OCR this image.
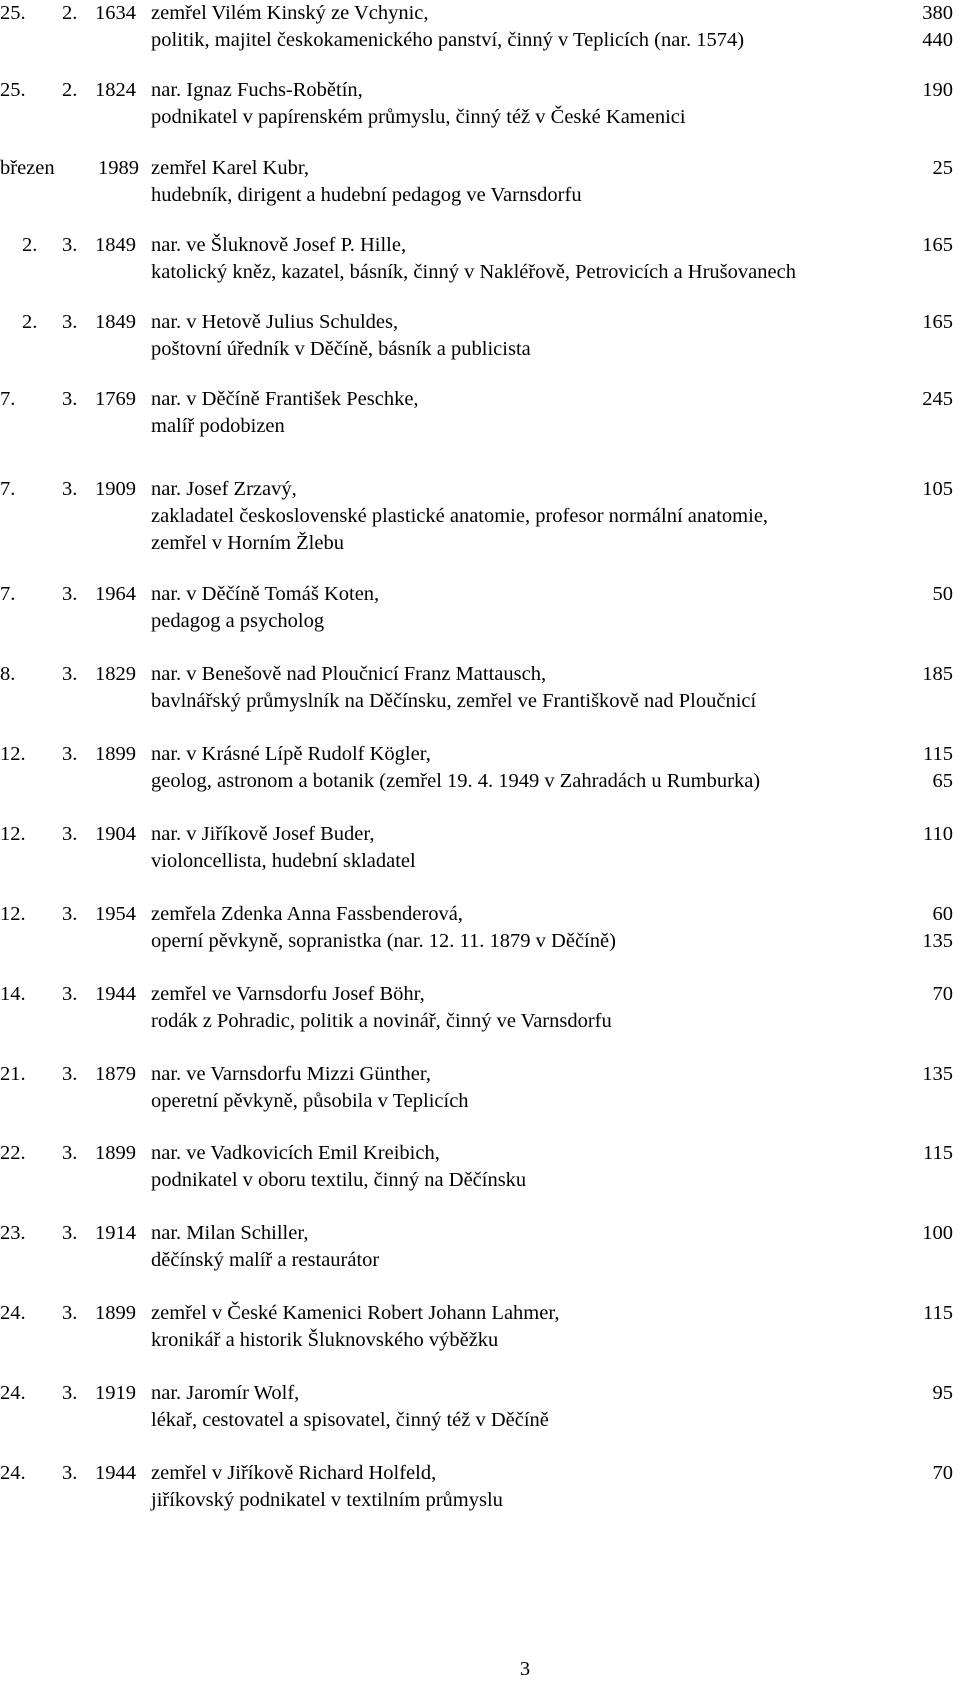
25. 2. 1634 zemřel Vilém Kinský ze Vchynic,	380
politik, majitel českokamenického panství, činný v Teplicích (nar. 1574)	440
25. 2. 1824 nar. Ignaz Fuchs-Robětín,	190
podnikatel v papírenském průmyslu, činný též v České Kamenici
březen 1989 zemřel Karel Kubr,	25
hudebník, dirigent a hudební pedagog ve Varnsdorfu
2. 3. 1849 nar. ve Šluknově Josef P. Hille,	165
katolický kněz, kazatel, básník, činný v Nakléřově, Petrovicích a Hrušovanech
2. 3. 1849 nar. v Hetově Julius Schuldes,	165
poštovní úředník v Děčíně, básník a publicista
7. 3. 1769 nar. v Děčíně František Peschke,	245
malíř podobizen
7. 3. 1909 nar. Josef Zrzavý,	105
zakladatel československé plastické anatomie, profesor normální anatomie,
zemřel v Horním Žlebu
7. 3. 1964 nar. v Děčíně Tomáš Koten,	50
pedagog a psycholog
8. 3. 1829 nar. v Benešově nad Ploučnicí Franz Mattausch,	185
bavlnářský průmyslník na Děčínsku, zemřel ve Františkově nad Ploučnicí
12. 3. 1899 nar. v Krásné Lípě Rudolf Kögler,	115
geolog, astronom a botanik (zemřel 19. 4. 1949 v Zahradách u Rumburka)	65
12. 3. 1904 nar. v Jiříkově Josef Buder,	110
violoncellista, hudební skladatel
12. 3. 1954 zemřela Zdenka Anna Fassbenderová,	60
operní pěvkyně, sopranistka (nar. 12. 11. 1879 v Děčíně)	135
14. 3. 1944 zemřel ve Varnsdorfu Josef Böhr,	70
rodák z Pohradic, politik a novinář, činný ve Varnsdorfu
21. 3. 1879 nar. ve Varnsdorfu Mizzi Günther,	135
operetní pěvkyně, působila v Teplicích
22. 3. 1899 nar. ve Vadkovicích Emil Kreibich,	115
podnikatel v oboru textilu, činný na Děčínsku
23. 3. 1914 nar. Milan Schiller,	100
děčínský malíř a restaurátor
24. 3. 1899 zemřel v České Kamenici Robert Johann Lahmer,	115
kronikář a historik Šluknovského výběžku
24. 3. 1919 nar. Jaromír Wolf,	95
lékař, cestovatel a spisovatel, činný též v Děčíně
24. 3. 1944 zemřel v Jiříkově Richard Holfeld,	70
jiříkovský podnikatel v textilním průmyslu
3
